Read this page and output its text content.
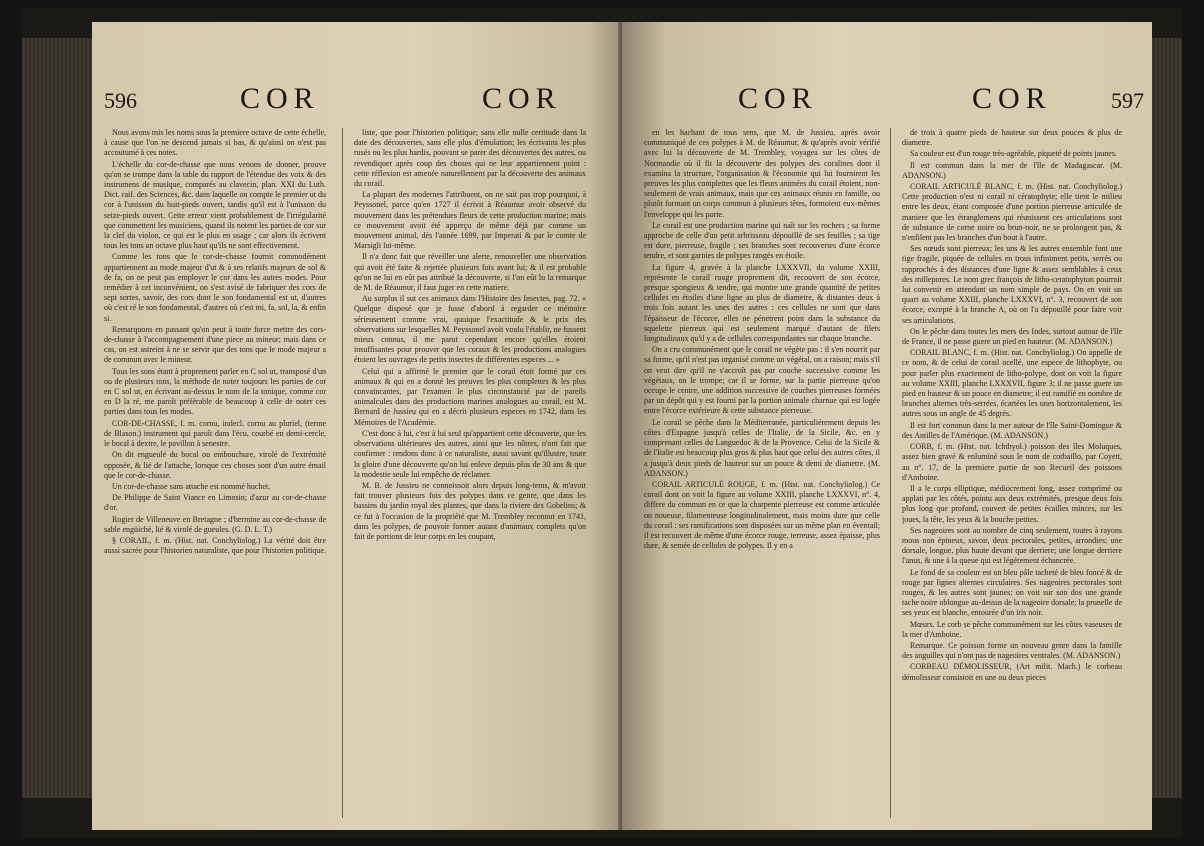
596	COR	COR

Nous avons mis les noms sous la premiere octave de cette échelle, à cause que l'on ne descend jamais si bas, & qu'ainsi on n'est pas accoutumé à ces notes.

L'échelle du cor-de-chasse que nous venons de donner, prouve qu'on se trompe dans la table du rapport de l'étendue des voix & des instrumens de musique, comparés au clavecin, plan. XXI du Luth. Dict. raif. des Sciences, &c. dans laquelle on compte le premier ut du cor à l'unisson du huit-pieds ouvert, tandis qu'il est à l'unisson du seize-pieds ouvert. Cette erreur vient probablement de l'irrégularité que commettent les musiciens, quand ils notent les parties de cor sur la clef du violon, ce qui est le plus en usage ; car alors ils écrivent tous les tons un octave plus haut qu'ils ne sont effectivement.

Comme les tons que le cor-de-chasse fournit commodément appartiennent au mode majeur d'ut & à ses relatifs majeurs de sol & de fa, on ne peut pas employer le cor dans les autres modes. Pour remédier à cet inconvénient, on s'est avisé de fabriquer des cors de sept sortes, savoir, des cors dont le son fondamental est ut, d'autres où c'est ré le son fondamental, d'autres où c'est mi, fa, sol, la, & enfin si.

Remarquons en passant qu'on peut à toute force mettre des cors-de-chasse à l'accompagnement d'une piece au mineur; mais dans ce cas, on est astreint à ne se servir que des tons que le mode majeur a de commun avec le mineur.

Tous les sons étant à proprement parler en C sol ut, transposé d'un ou de plusieurs tons, la méthode de noter toujours les parties de cor en C sol ut, en écrivant au-dessus le nom de la tonique, comme cor en D la ré, me paroît préférable de beaucoup à celle de noter ces parties dans tous les modes.

COR-DE-CHASSE, f. m. cornu, indecl. cornu au pluriel, (terme de Blason.) instrument qui paroît dans l'écu, courbé en demi-cercle, le bocal à dextre, le pavillon à senestre.

On dit engueulé du bocal ou embouchure, virolé de l'extrémité opposée, & lié de l'attache, lorsque ces choses sont d'un autre émail que le cor-de-chasse.

Un cor-de-chasse sans attache est nommé huchet.

De Philippe de Saint Viance en Limosin; d'azur au cor-de-chasse d'or.

Rogier de Villeneuve en Bretagne ; d'hermine au cor-de-chasse de sable engüiché, lié & virolé de gueules. (G. D. L. T.)

§ CORAIL, f. m. (Hist. nat. Conchyliolog.) La vérité doit être aussi sacrée pour l'historien naturaliste, que pour l'historien politique.

liste, que pour l'historien politique; sans elle nulle certitude dans la date des découvertes, sans elle plus d'émulation; les écrivains les plus rusés ou les plus hardis, pouvant se parer des découvertes des autres, ou revendiquer après coup des choses qui ne leur appartiennent point : cette réflexion est amenée naturellement par la découverte des animaux du corail.

La plupart des modernes l'attribuent, on ne sait pas trop pourquoi, à Peyssonel, parce qu'en 1727 il écrivit à Réaumur avoir observé du mouvement dans les prétendues fleurs de cette production marine; mais ce mouvement avoit été apperçu de même déjà par comme un mouvement animal, dès l'année 1699, par Imperati & par le comte de Marsigli lui-même.

Il n'a donc fait que réveiller une alerte, renouveller une observation qui avoit été faite & rejettée plusieurs fois avant lui; & il est probable qu'on ne lui en eût pas attribué la découverte, si l'on eût lu la remarque de M. de Réaumur, il faut juger en cette matiere.

Au surplus il sut ces animaux dans l'Histoire des Insectes, pag. 72. « Quelque disposé que je fusse d'abord à regarder ce mémoire sérieusement comme vrai, quoique l'exactitude & le prix des observations sur lesquelles M. Peyssonel avoit voulu l'établir, ne fussent mieux connus, il me parut cependant encore qu'elles étoient insuffisantes pour prouver que les coraux & les productions analogues étoient les ouvrages de petits insectes de différentes especes ... »

Celui qui a affirmé le premier que le corail étoit formé par ces animaux & qui en a donné les preuves les plus complettes & les plus convaincantes, par l'examen le plus circonstancié par de pareils animalcules dans des productions marines analogues au corail, est M. Bernard de Jussieu qui en a décrit plusieurs especes en 1742, dans les Mémoires de l'Académie.

C'est donc à lui, c'est à lui seul qu'appartient cette découverte, que les observations ultérieures des autres, ainsi que les nôtres, n'ont fait que confirmer : rendons donc à ce naturaliste, aussi savant qu'illustre, toute la gloire d'une découverte qu'on lui enleve depuis plus de 30 ans & que la modestie seule lui empêche de réclamer.

M. B. de Jussieu ne connoissoit alors depuis long-tems, & m'avoit fait trouver plusieurs fois des polypes dans ce genre, que dans les bassins du jardin royal des plantes, que dans la riviere des Gobelins; & ce fut à l'occasion de la propriété que M. Trembley reconnut en 1741, dans les polypes, de pouvoir former autant d'animaux complets qu'on fait de portions de leur corps en les coupant,

COR	COR	597

en les hachant de tous sens, que M. de Jussieu, après avoir communiqué de ces polypes à M. de Réaumur, & qu'après avoir vérifié avec lui la découverte de M. Trembley, voyagea sur les côtes de Normandie où il fit la découverte des polypes des coralines dont il examina la structure, l'organisation & l'économie qui lui fournirent les preuves les plus complettes que les fleurs animées du corail étoient, non-seulement de vrais animaux, mais que ces animaux réunis en famille, ou plutôt formant un corps commun à plusieurs têtes, formoient eux-mêmes l'enveloppe qui les porte.

Le corail est une production marine qui naît sur les rochers ; sa forme approche de celle d'un petit arbrisseau dépouillé de ses feuilles ; sa tige est dure, pierreuse, fragile ; ses branches sont recouvertes d'une écorce tendre, et sont garnies de polypes rangés en étoile.

La figure 4, gravée à la planche LXXXVII, du volume XXIII, représente le corail rouge proprement dit, recouvert de son écorce, presque spongieux & tendre, qui montre une grande quantité de petites cellules en étoiles d'une ligne au plus de diametre, & distantes deux à trois fois autant les unes des autres : ces cellules ne sont que dans l'épaisseur de l'écorce, elles ne pénetrent point dans la substance du squelette pierreux qui est seulement marqué d'autant de filets longitudinaux qu'il y a de cellules correspondantes sur chaque branche.

On a cru communément que le corail ne végète pas : il s'en nourrit par sa forme, qu'il n'est pas organisé comme un végétal, on a raison; mais s'il on veut dire qu'il ne s'accroît pas par couche successive comme les végétaux, on le trompe; car il se forme, sur la partie pierreuse qu'on occupe le centre, une addition successive de couches pierreuses formées par un dépôt qui y est fourni par la portion animale charnue qui est logée entre l'écorce extérieure & cette substance pierreuse.

Le corail se pêche dans la Méditerranée, particuliérement depuis les côtes d'Espagne jusqu'à celles de l'Italie, de la Sicile, &c. en y comprenant celles du Languedoc & de la Provence. Celui de la Sicile & de l'Italie est beaucoup plus gros & plus haut que celui des autres côtes, il a jusqu'à deux pieds de hauteur sur un pouce & demi de diametre. (M. ADANSON.)

CORAIL ARTICULÉ ROUGE, f. m. (Hist. nat. Conchyliolog.) Ce corail dont on voit la figure au volume XXIII, planche LXXXVI, n°. 4, differe du commun en ce que la charpente pierreuse est comme articulée ou noueuse, filamenteuse longitudinalement, mais moins dure que celle du corail : ses ramifications sont disposées sur un même plan en éventail; il est recouvert de même d'une écorce rouge, terreuse, assez épaisse, plus dure, & semée de cellules de polypes. Il y en a

de trois à quatre pieds de hauteur sur deux pouces & plus de diametre.

Sa couleur est d'un rouge très-agréable, piqueté de points jaunes.

Il est commun dans la mer de l'île de Madagascar. (M. ADANSON.)

CORAIL ARTICULÉ BLANC, f. m. (Hist. nat. Conchyliolog.) Cette production n'est ni corail ni cératophyte; elle tient le milieu entre les deux, étant composée d'une portion pierreuse articulée de maniere que les étranglemens qui réunissent ces articulations sont de substance de corne noire ou brun-noir, ne se prolongent pas, & n'enfilent pas les branches d'un bout à l'autre.

Ses nœuds sont pierreux; les uns & les autres ensemble font une tige fragile, piquée de cellules en trous infiniment petits, serrés ou rapprochés à des distances d'une ligne & assez semblables à ceux des millepores. Le nom grec françois de litho-ceratophyton pourroit lui convenir en attendant un nom simple de pays. On en voit un quart au volume XXIII, planche LXXXVI, n°. 3, recouvert de son écorce, excepté à la branche A, où on l'a dépouillé pour faire voir ses articulations.

On le pêche dans toutes les mers des Indes, surtout autour de l'île de France, il ne passe guere un pied en hauteur. (M. ADANSON.)

CORAIL BLANC, f. m. (Hist. nat. Conchyliolog.) On appelle de ce nom, & de celui de corail ocellé, une espece de lithophyte, ou pour parler plus exactement de litho-polype, dont on voit la figure au volume XXIII, planche LXXXVII, figure 3; il ne passe guere un pied en hauteur & un pouce en diametre; il est ramifié en nombre de branches alternes très-serrées, écartées les unes horizontalement, les autres sous un angle de 45 degrés.

Il est fort commun dans la mer autour de l'île Saint-Domingue & des Antilles de l'Amérique. (M. ADANSON.)

CORB, f. m. (Hist. nat. Ichthyol.) poisson des îles Moluques, assez bien gravé & enluminé sous le nom de corbaillo, par Coyett, au n°. 17, de la premiere partie de son Recueil des poissons d'Amboine.

Il a le corps elliptique, médiocrement long, assez comprimé ou applati par les côtés, pointu aux deux extrémités, presque deux fois plus long que profond, couvert de petites écailles minces, sur les joues, la tête, les yeux & la bouche petites.

Ses nageoires sont au nombre de cinq seulement, toutes à rayons mous non épineux, savoir, deux pectorales, petites, arrondies; une dorsale, longue, plus haute devant que derriere; une longue derriere l'anus, & une à la queue qui est légérement échancrée.

Le fond de sa couleur est un bleu pâle tacheté de bleu foncé & de rouge par lignes alternes circulaires. Ses nageoires pectorales sont rouges, & les autres sont jaunes; on voit sur son dos une grande tache noire oblongue au-dessus de la nageoire dorsale; la prunelle de ses yeux est blanche, entourée d'un iris noir.

Mœurs. Le corb se pêche communément sur les côtes vaseuses de la mer d'Amboine.

Remarque. Ce poisson forme un nouveau genre dans la famille des anguilles qui n'ont pas de nageoires ventrales. (M. ADANSON.)

CORBEAU DÉMOLISSEUR, (Art milit. Mach.) le corbeau démolisseur consistoit en une ou deux pieces
